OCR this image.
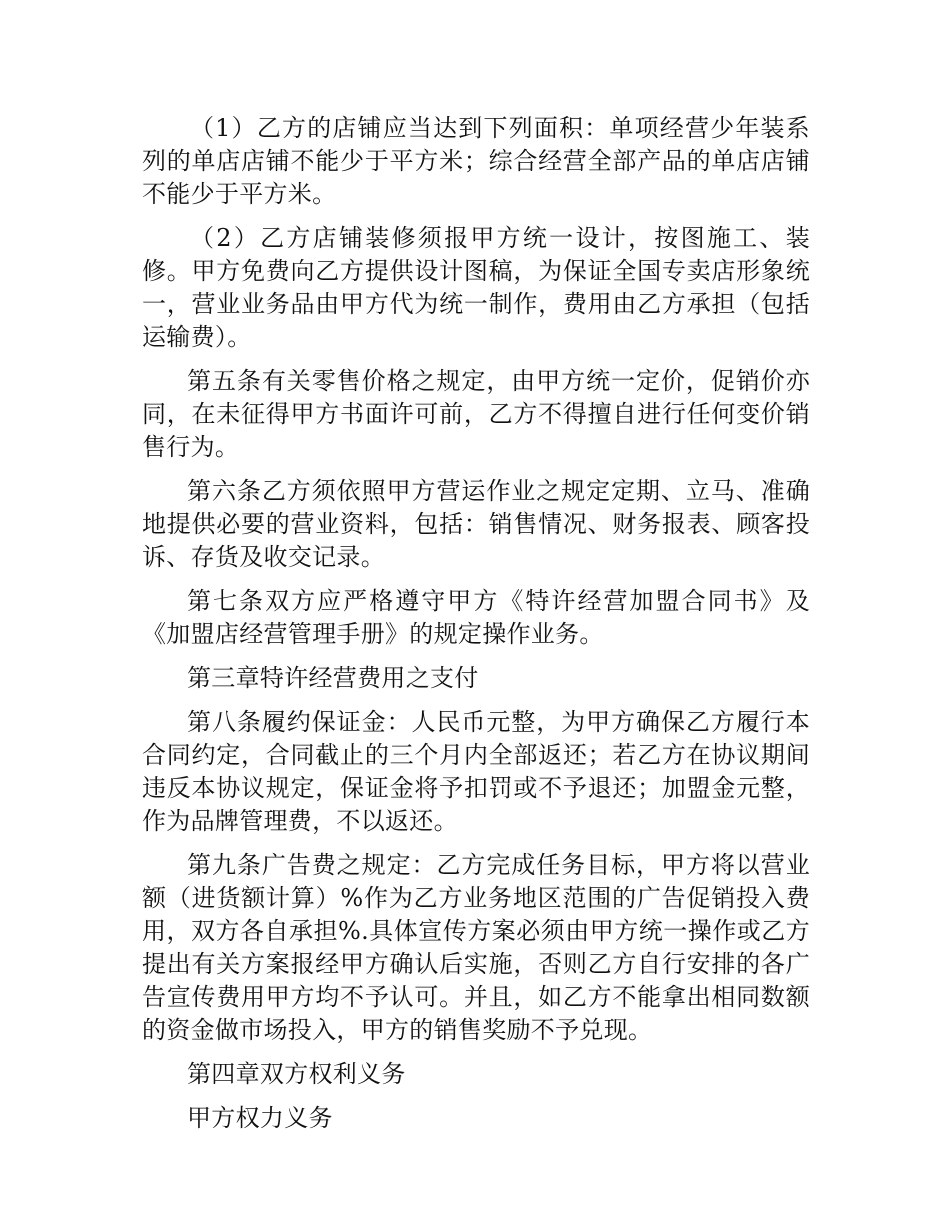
（1）乙方的店铺应当达到下列面积：单项经营少年装系列的单店店铺不能少于平方米；综合经营全部产品的单店店铺不能少于平方米。

（2）乙方店铺装修须报甲方统一设计，按图施工、装修。甲方免费向乙方提供设计图稿，为保证全国专卖店形象统一，营业业务品由甲方代为统一制作，费用由乙方承担（包括运输费）。

第五条有关零售价格之规定，由甲方统一定价，促销价亦同，在未征得甲方书面许可前，乙方不得擅自进行任何变价销售行为。

第六条乙方须依照甲方营运作业之规定定期、立马、准确地提供必要的营业资料，包括：销售情况、财务报表、顾客投诉、存货及收交记录。

第七条双方应严格遵守甲方《特许经营加盟合同书》及《加盟店经营管理手册》的规定操作业务。

第三章特许经营费用之支付

第八条履约保证金：人民币元整，为甲方确保乙方履行本合同约定，合同截止的三个月内全部返还；若乙方在协议期间违反本协议规定，保证金将予扣罚或不予退还；加盟金元整，作为品牌管理费，不以返还。

第九条广告费之规定：乙方完成任务目标，甲方将以营业额（进货额计算）%作为乙方业务地区范围的广告促销投入费用，双方各自承担%.具体宣传方案必须由甲方统一操作或乙方提出有关方案报经甲方确认后实施，否则乙方自行安排的各广告宣传费用甲方均不予认可。并且，如乙方不能拿出相同数额的资金做市场投入，甲方的销售奖励不予兑现。

第四章双方权利义务

甲方权力义务
